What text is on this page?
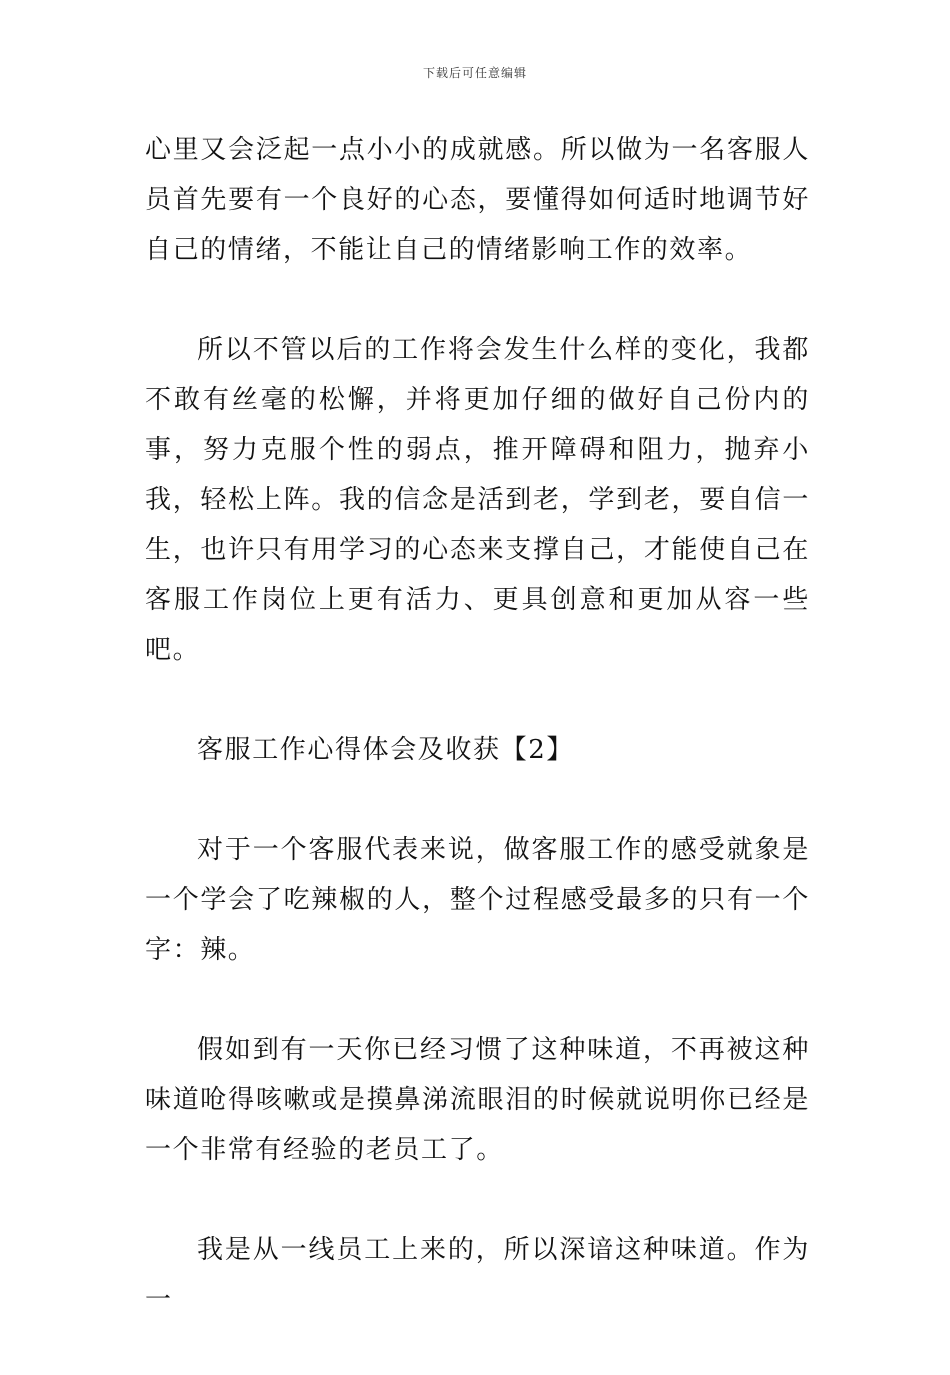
下载后可任意编辑

心里又会泛起一点小小的成就感。所以做为一名客服人员首先要有一个良好的心态，要懂得如何适时地调节好自己的情绪，不能让自己的情绪影响工作的效率。

所以不管以后的工作将会发生什么样的变化，我都不敢有丝毫的松懈，并将更加仔细的做好自己份内的事，努力克服个性的弱点，推开障碍和阻力，抛弃小我，轻松上阵。我的信念是活到老，学到老，要自信一生，也许只有用学习的心态来支撑自己，才能使自己在客服工作岗位上更有活力、更具创意和更加从容一些吧。

客服工作心得体会及收获【2】

对于一个客服代表来说，做客服工作的感受就象是一个学会了吃辣椒的人，整个过程感受最多的只有一个字：辣。

假如到有一天你已经习惯了这种味道，不再被这种味道呛得咳嗽或是摸鼻涕流眼泪的时候就说明你已经是一个非常有经验的老员工了。

我是从一线员工上来的，所以深谙这种味道。作为一
